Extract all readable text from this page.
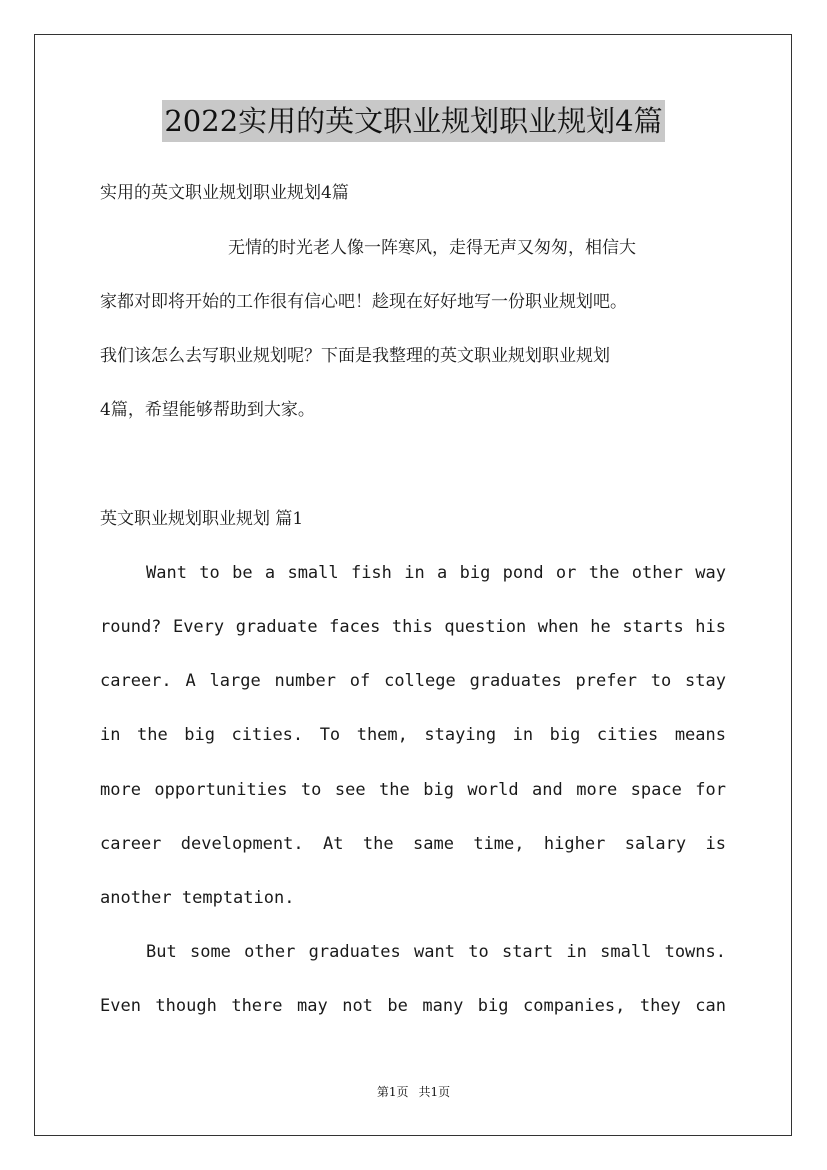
2022实用的英文职业规划职业规划4篇
实用的英文职业规划职业规划4篇
无情的时光老人像一阵寒风，走得无声又匆匆，相信大
家都对即将开始的工作很有信心吧！趁现在好好地写一份职业规划吧。
我们该怎么去写职业规划呢？下面是我整理的英文职业规划职业规划
4篇，希望能够帮助到大家。
英文职业规划职业规划 篇1
Want to be a small fish in a big pond or the other way
round? Every graduate faces this question when he starts his
career. A large number of college graduates prefer to stay
in the big cities. To them, staying in big cities means
more opportunities to see the big world and more space for
career development. At the same time, higher salary is
another temptation.
But some other graduates want to start in small towns.
Even though there may not be many big companies, they can
第1页 共1页
